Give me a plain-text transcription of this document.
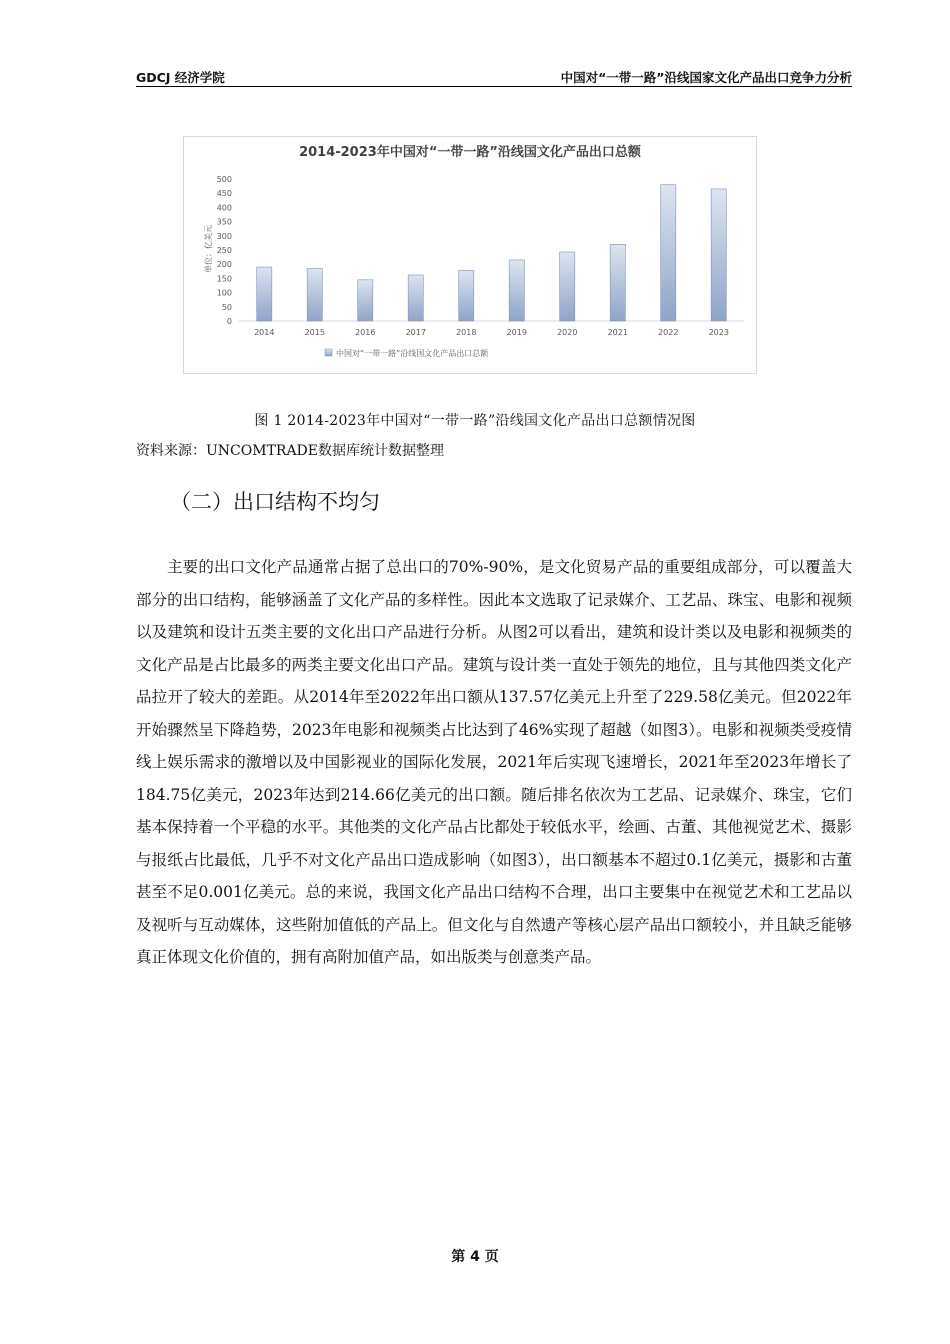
GDCJ 经济学院	中国对“一带一路”沿线国家文化产品出口竞争力分析
2014-2023年中国对“一带一路”沿线国文化产品出口总额
单位：亿美元
0
50
100
150
200
250
300
350
400
450
500
2014	2015	2016	2017	2018	2019	2020	2021	2022	2023
中国对“一带一路”沿线国文化产品出口总额
图 1 2014-2023年中国对“一带一路”沿线国文化产品出口总额情况图
资料来源：UNCOMTRADE数据库统计数据整理
（二）出口结构不均匀

主要的出口文化产品通常占据了总出口的70%-90%，是文化贸易产品的重要组成部分，可以覆盖大部分的出口结构，能够涵盖了文化产品的多样性。因此本文选取了记录媒介、工艺品、珠宝、电影和视频以及建筑和设计五类主要的文化出口产品进行分析。从图2可以看出，建筑和设计类以及电影和视频类的文化产品是占比最多的两类主要文化出口产品。建筑与设计类一直处于领先的地位，且与其他四类文化产品拉开了较大的差距。从2014年至2022年出口额从137.57亿美元上升至了229.58亿美元。但2022年开始骤然呈下降趋势，2023年电影和视频类占比达到了46%实现了超越（如图3）。电影和视频类受疫情线上娱乐需求的激增以及中国影视业的国际化发展，2021年后实现飞速增长，2021年至2023年增长了184.75亿美元，2023年达到214.66亿美元的出口额。随后排名依次为工艺品、记录媒介、珠宝，它们基本保持着一个平稳的水平。其他类的文化产品占比都处于较低水平，绘画、古董、其他视觉艺术、摄影与报纸占比最低，几乎不对文化产品出口造成影响（如图3），出口额基本不超过0.1亿美元，摄影和古董甚至不足0.001亿美元。总的来说，我国文化产品出口结构不合理，出口主要集中在视觉艺术和工艺品以及视听与互动媒体，这些附加值低的产品上。但文化与自然遗产等核心层产品出口额较小，并且缺乏能够真正体现文化价值的，拥有高附加值产品，如出版类与创意类产品。

第 4 页
